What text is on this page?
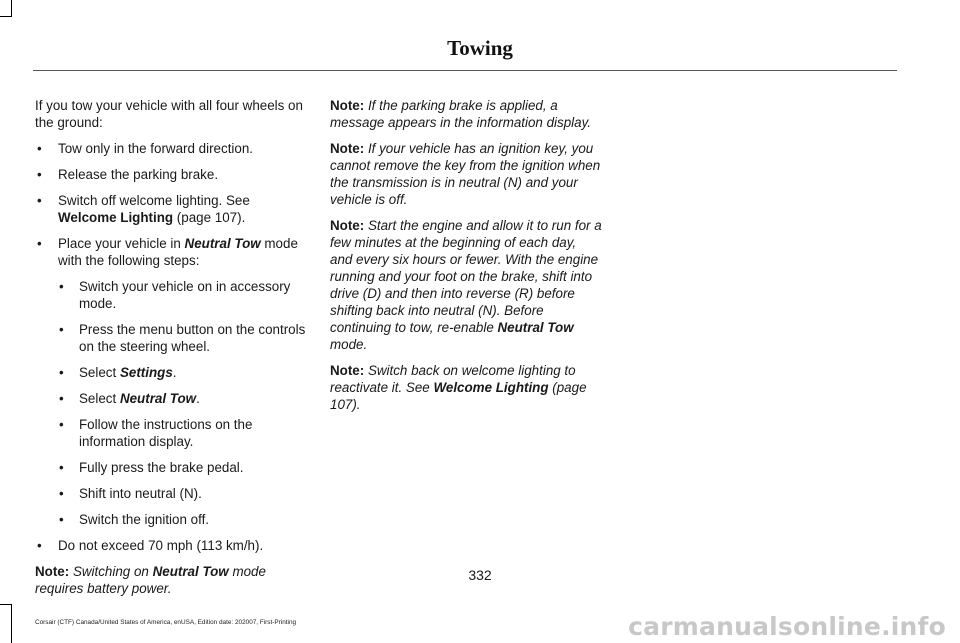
Towing

If you tow your vehicle with all four wheels on the ground:

• Tow only in the forward direction.
• Release the parking brake.
• Switch off welcome lighting. See Welcome Lighting (page 107).
• Place your vehicle in Neutral Tow mode with the following steps:
• Switch your vehicle on in accessory mode.
• Press the menu button on the controls on the steering wheel.
• Select Settings.
• Select Neutral Tow.
• Follow the instructions on the information display.
• Fully press the brake pedal.
• Shift into neutral (N).
• Switch the ignition off.
• Do not exceed 70 mph (113 km/h).

Note: Switching on Neutral Tow mode requires battery power.

Note: If the parking brake is applied, a message appears in the information display.

Note: If your vehicle has an ignition key, you cannot remove the key from the ignition when the transmission is in neutral (N) and your vehicle is off.

Note: Start the engine and allow it to run for a few minutes at the beginning of each day, and every six hours or fewer. With the engine running and your foot on the brake, shift into drive (D) and then into reverse (R) before shifting back into neutral (N). Before continuing to tow, re-enable Neutral Tow mode.

Note: Switch back on welcome lighting to reactivate it. See Welcome Lighting (page 107).

332
Corsair (CTF) Canada/United States of America, enUSA, Edition date: 202007, First-Printing	carmanualsonline.info
